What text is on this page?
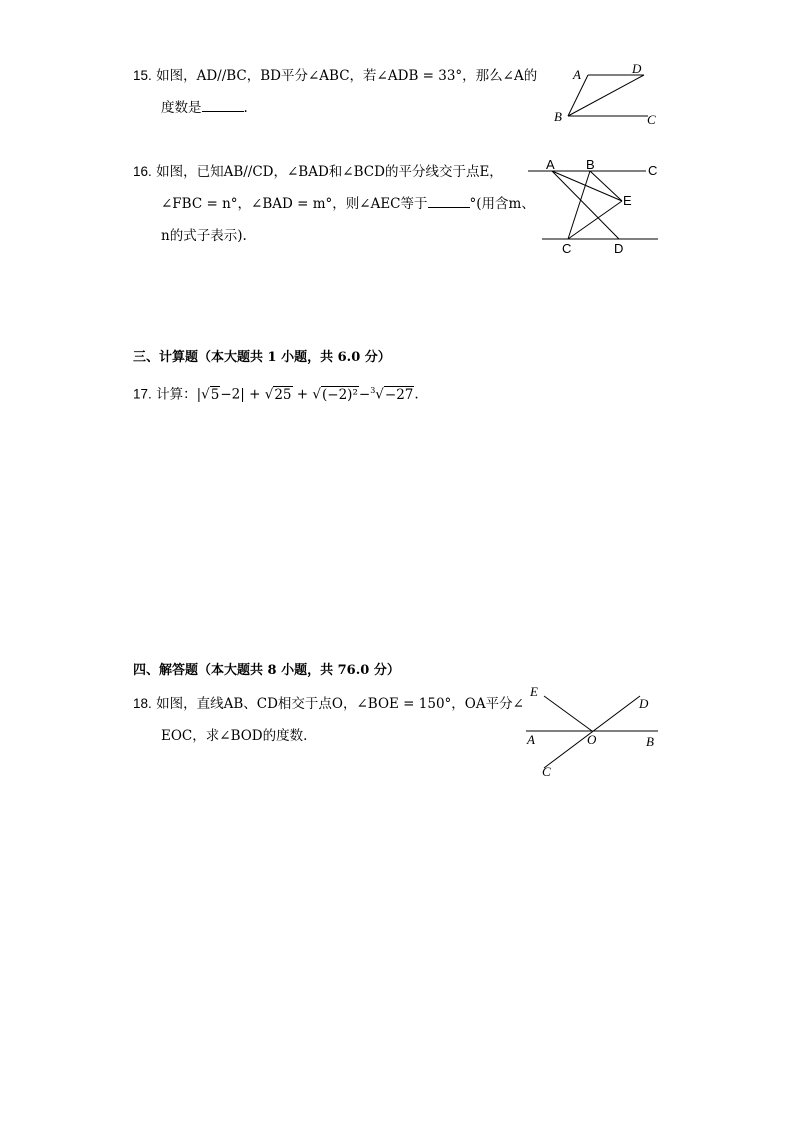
15. 如图，AD//BC，BD平分∠ABC，若∠ADB = 33°，那么∠A的
度数是	.
A	D
B	C
16. 如图，已知AB//CD，∠BAD和∠BCD的平分线交于点E，
∠FBC = n°，∠BAD = m°，则∠AEC等于	°(用含m、
n的式子表示).
A B	C
E
C	D
三、计算题（本大题共 1 小题，共 6.0 分）
17. 计算：|√5−2| + √25 + √(−2)²−$^3$√−27.
四、解答题（本大题共 8 小题，共 76.0 分）
18. 如图，直线AB、CD相交于点O，∠BOE = 150°，OA平分∠
EOC，求∠BOD的度数.
E
D
A	O	B
C
